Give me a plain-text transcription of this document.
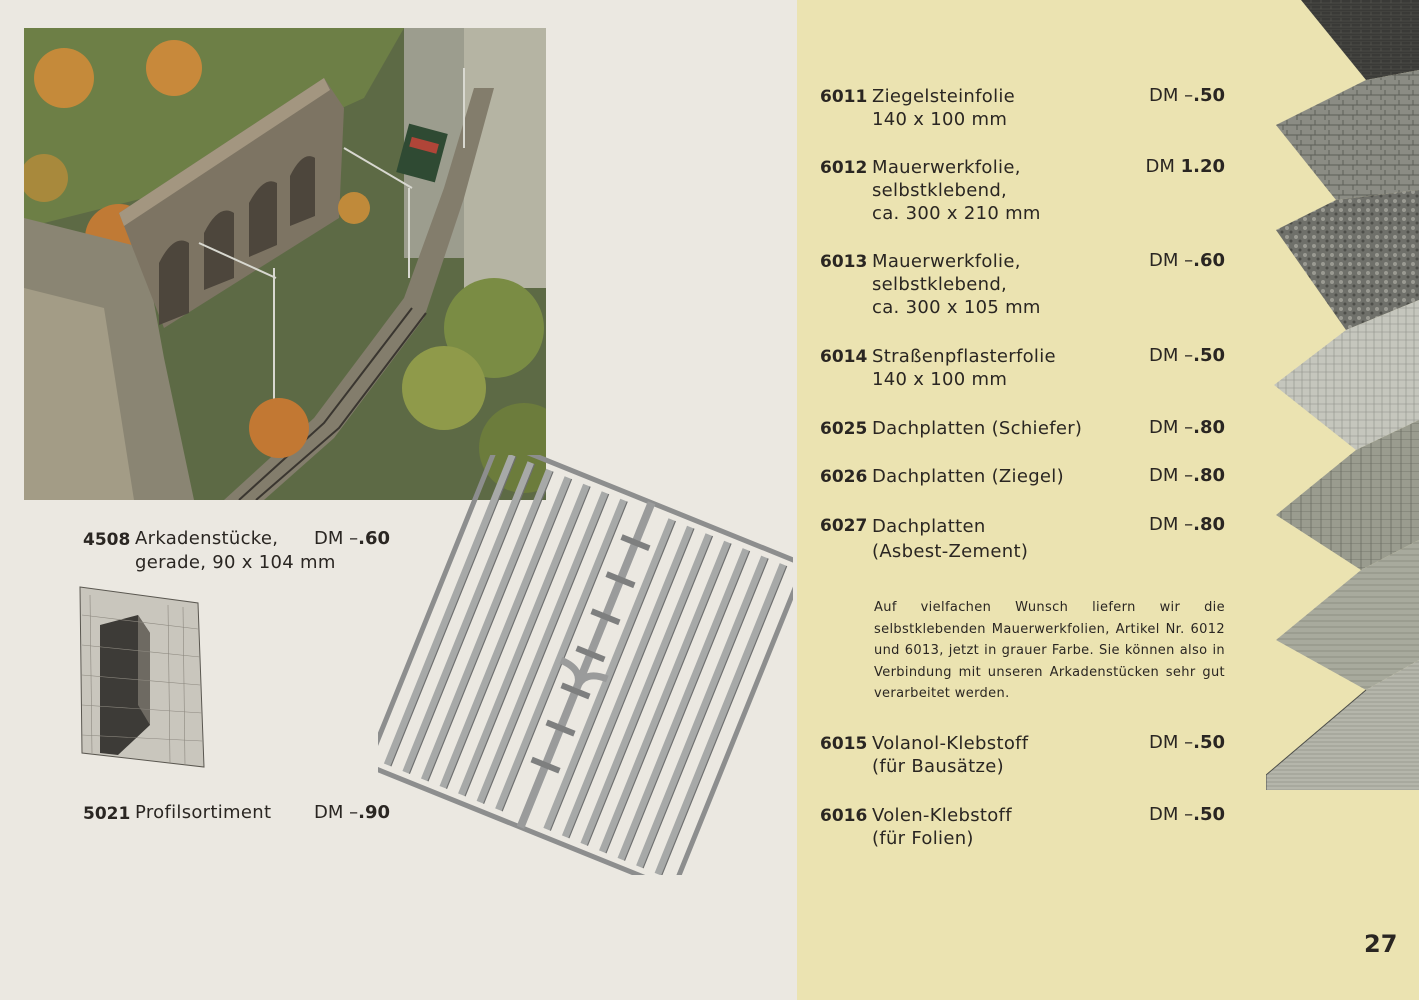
4508 Arkadenstücke,
gerade, 90 x 104 mm
DM –.60
5021 Profilsortiment DM –.90
6011 Ziegelsteinfolie
140 x 100 mm
DM –.50
6012 Mauerwerkfolie,
selbstklebend,
ca. 300 x 210 mm
DM 1.20
6013 Mauerwerkfolie,
selbstklebend,
ca. 300 x 105 mm
DM –.60
6014 Straßenpflasterfolie
140 x 100 mm
DM –.50
6025 Dachplatten (Schiefer)	DM –.80
6026 Dachplatten (Ziegel)	DM –.80
6027 Dachplatten
(Asbest-Zement)
DM –.80

Auf vielfachen Wunsch liefern wir die selbstklebenden Mauerwerkfolien, Artikel Nr. 6012 und 6013, jetzt in grauer Farbe. Sie können also in Verbindung mit unseren Arkadenstücken sehr gut verarbeitet werden.

6015 Volanol-Klebstoff
(für Bausätze)
DM –.50
6016 Volen-Klebstoff
(für Folien)
DM –.50
27
